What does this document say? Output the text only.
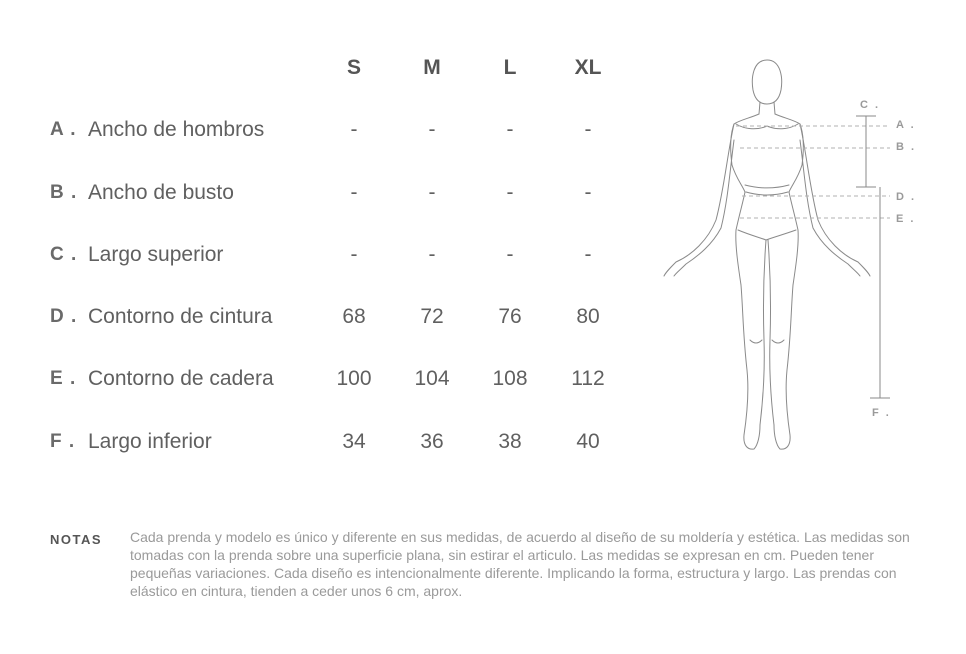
S	M	L	XL
A . Ancho de hombros	-	-	-	-
B . Ancho de busto	-	-	-	-
C . Largo superior	-	-	-	-
D . Contorno de cintura	68	72	76	80
E . Contorno de cadera	100	104	108	112
F . Largo inferior	34	36	38	40
C .
A .
B .
D .
E .
F .
NOTAS Cada prenda y modelo es único y diferente en sus medidas, de acuerdo al diseño de su moldería y estética. Las medidas son tomadas con la prenda sobre una superficie plana, sin estirar el articulo. Las medidas se expresan en cm. Pueden tener pequeñas variaciones. Cada diseño es intencionalmente diferente. Implicando la forma, estructura y largo. Las prendas con elástico en cintura, tienden a ceder unos 6 cm, aprox.
